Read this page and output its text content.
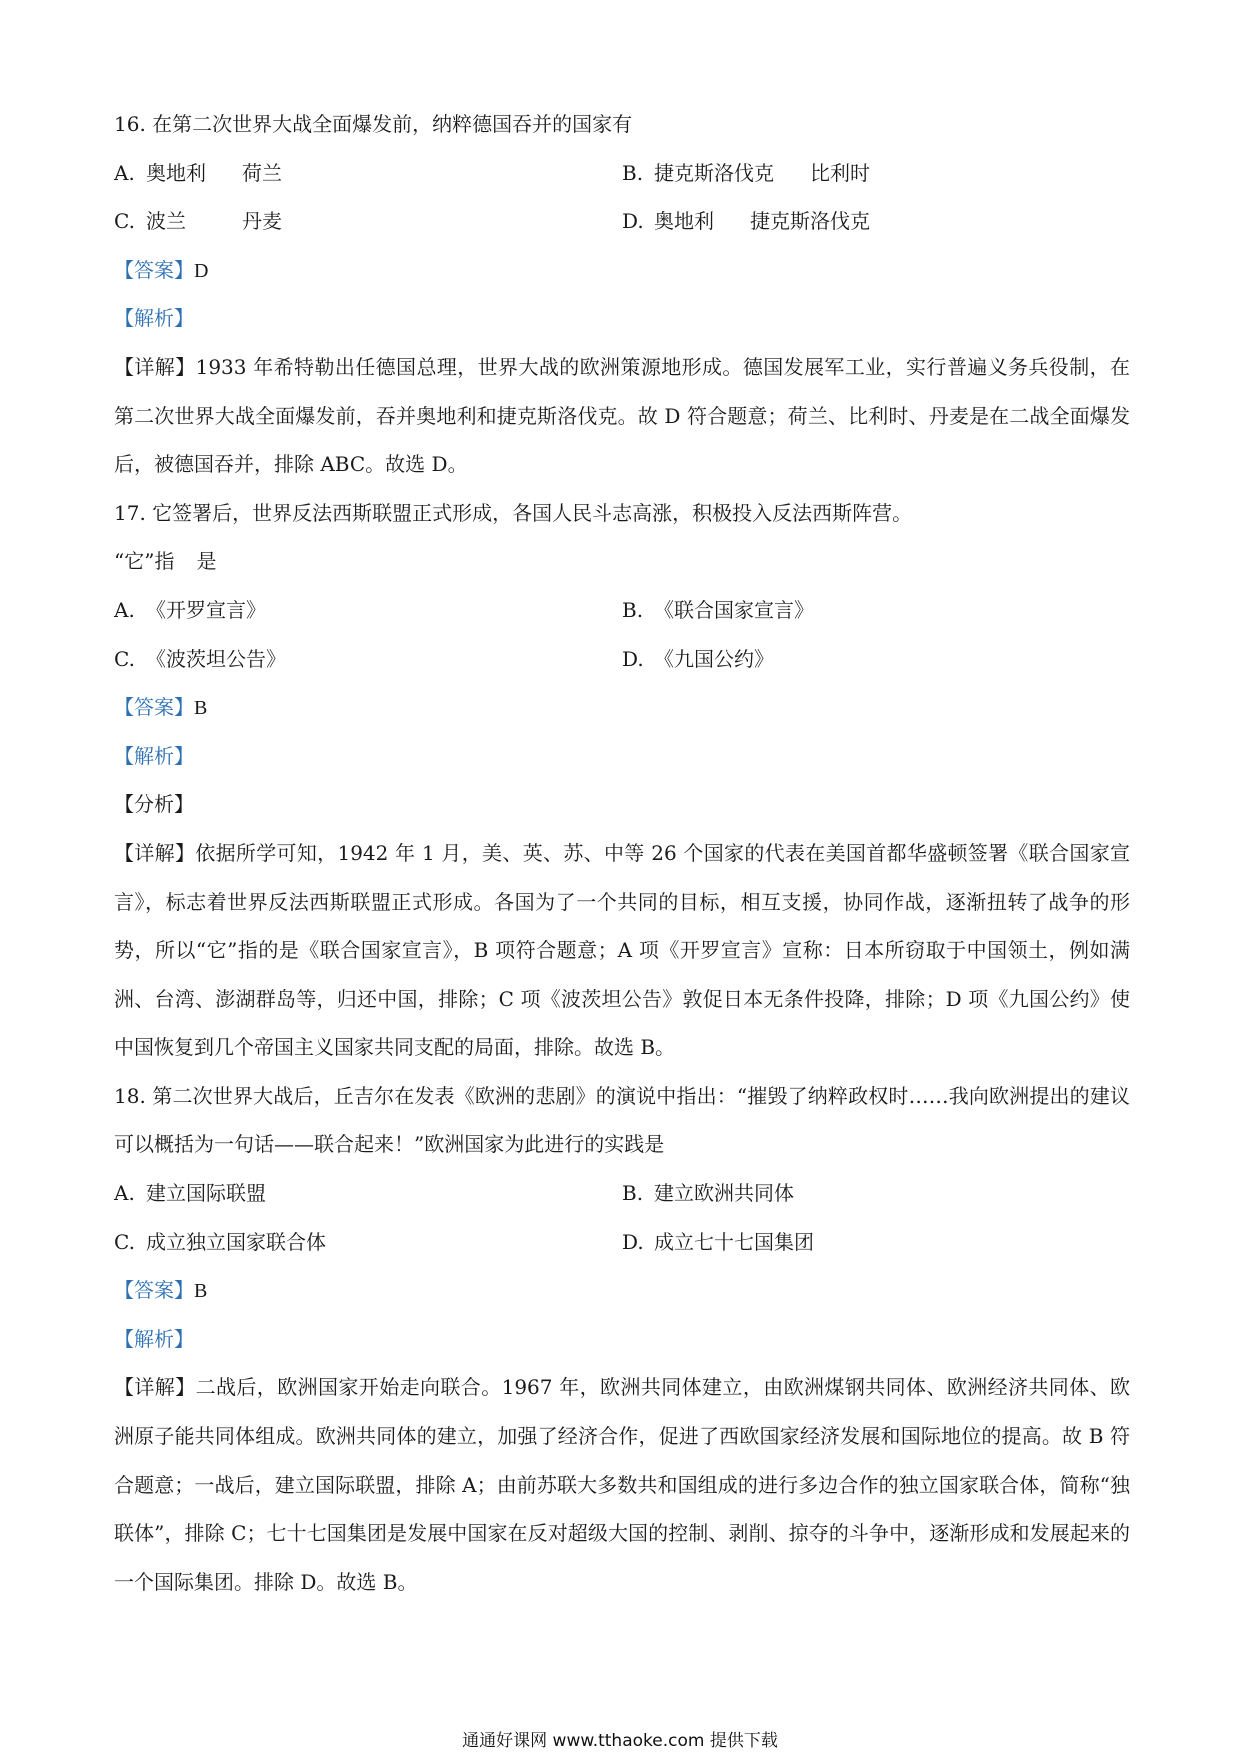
16. 在第二次世界大战全面爆发前，纳粹德国吞并的国家有
A. 奥地利 荷兰	B. 捷克斯洛伐克 比利时
C. 波兰	丹麦	D. 奥地利 捷克斯洛伐克
【答案】D
【解析】
【详解】1933 年希特勒出任德国总理，世界大战的欧洲策源地形成。德国发展军工业，实行普遍义务兵役制，在第二次世界大战全面爆发前，吞并奥地利和捷克斯洛伐克。故 D 符合题意；荷兰、比利时、丹麦是在二战全面爆发后，被德国吞并，排除 ABC。故选 D。
17. 它签署后，世界反法西斯联盟正式形成，各国人民斗志高涨，积极投入反法西斯阵营。
“它”指 是
A. 《开罗宣言》	B. 《联合国家宣言》
C. 《波茨坦公告》	D. 《九国公约》
【答案】B
【解析】
【分析】
【详解】依据所学可知，1942 年 1 月，美、英、苏、中等 26 个国家的代表在美国首都华盛顿签署《联合国家宣言》，标志着世界反法西斯联盟正式形成。各国为了一个共同的目标，相互支援，协同作战，逐渐扭转了战争的形势，所以“它”指的是《联合国家宣言》，B 项符合题意；A 项《开罗宣言》宣称：日本所窃取于中国领土，例如满洲、台湾、澎湖群岛等，归还中国，排除；C 项《波茨坦公告》敦促日本无条件投降，排除；D 项《九国公约》使中国恢复到几个帝国主义国家共同支配的局面，排除。故选 B。
18. 第二次世界大战后，丘吉尔在发表《欧洲的悲剧》的演说中指出：“摧毁了纳粹政权时……我向欧洲提出的建议可以概括为一句话——联合起来！”欧洲国家为此进行的实践是
A. 建立国际联盟	B. 建立欧洲共同体
C. 成立独立国家联合体	D. 成立七十七国集团
【答案】B
【解析】
【详解】二战后，欧洲国家开始走向联合。1967 年，欧洲共同体建立，由欧洲煤钢共同体、欧洲经济共同体、欧洲原子能共同体组成。欧洲共同体的建立，加强了经济合作，促进了西欧国家经济发展和国际地位的提高。故 B 符合题意；一战后，建立国际联盟，排除 A；由前苏联大多数共和国组成的进行多边合作的独立国家联合体，简称“独联体”，排除 C；七十七国集团是发展中国家在反对超级大国的控制、剥削、掠夺的斗争中，逐渐形成和发展起来的一个国际集团。排除 D。故选 B。
通通好课网 www.tthaoke.com 提供下载
